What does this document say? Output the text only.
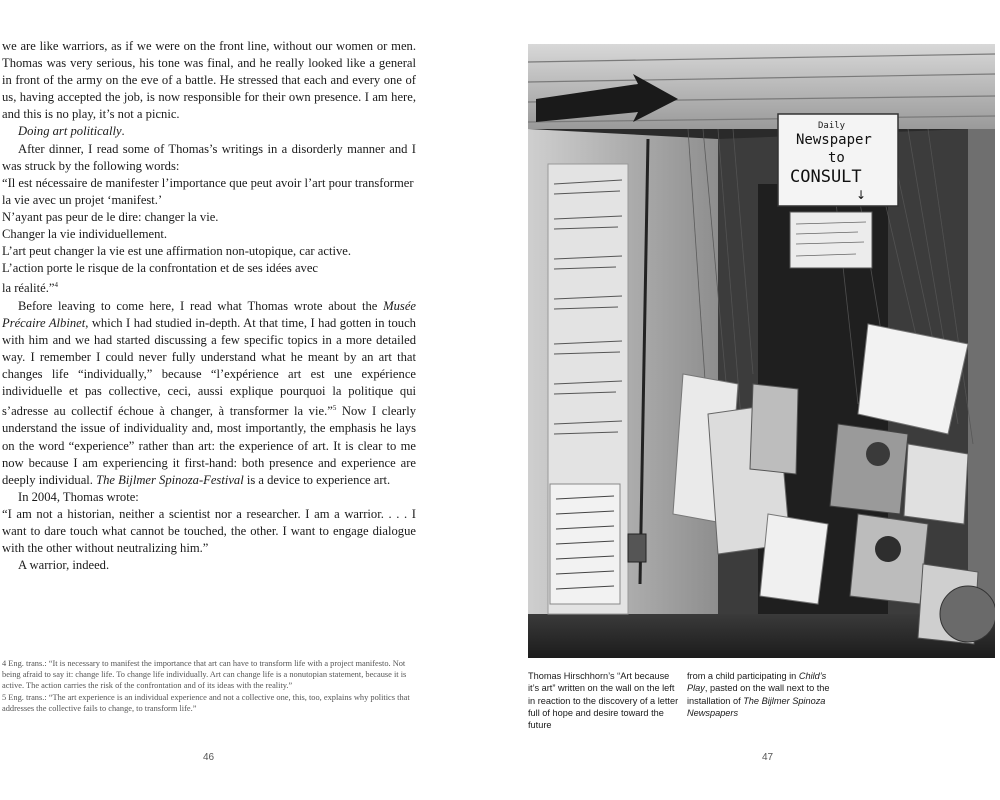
we are like warriors, as if we were on the front line, without our women or men. Thomas was very serious, his tone was final, and he really looked like a general in front of the army on the eve of a battle. He stressed that each and every one of us, having accepted the job, is now responsible for their own presence. I am here, and this is no play, it’s not a picnic.

Doing art politically.

After dinner, I read some of Thomas’s writings in a disorderly manner and I was struck by the following words:

“Il est nécessaire de manifester l’importance que peut avoir l’art pour transformer la vie avec un projet ‘manifest.’

N’ayant pas peur de le dire: changer la vie.

Changer la vie individuellement.

L’art peut changer la vie est une affirmation non-utopique, car active.

L’action porte le risque de la confrontation et de ses idées avec

la réalité.”$^4$

Before leaving to come here, I read what Thomas wrote about the Musée Précaire Albinet, which I had studied in-depth. At that time, I had gotten in touch with him and we had started discussing a few specific topics in a more detailed way. I remember I could never fully understand what he meant by an art that changes life “individually,” because “l’expérience art est une expérience individuelle et pas collective, ceci, aussi explique pourquoi la politique qui s’adresse au collectif échoue à changer, à transformer la vie.”$^5$ Now I clearly understand the issue of individuality and, most importantly, the emphasis he lays on the word “experience” rather than art: the experience of art. It is clear to me now because I am experiencing it first-hand: both presence and experience are deeply individual. The Bijlmer Spinoza-Festival is a device to experience art.

In 2004, Thomas wrote:

“I am not a historian, neither a scientist nor a researcher. I am a warrior. . . . I want to dare touch what cannot be touched, the other. I want to engage dialogue with the other without neutralizing him.”

A warrior, indeed.

4 Eng. trans.: “It is necessary to manifest the importance that art can have to transform life with a project manifesto. Not being afraid to say it: change life. To change life individually. Art can change life is a nonutopian statement, because it is active. The action carries the risk of the confrontation and of its ideas with the reality.”

5 Eng. trans.: “The art experience is an individual experience and not a collective one, this, too, explains why politics that addresses the collective fails to change, to transform life.”

46
Daily
Newspaper
to
CONSULT
↓
Thomas Hirschhorn’s “Art because it’s art” written on the wall on the left in reaction to the discovery of a letter full of hope and desire toward the future
from a child participating in Child’s Play, pasted on the wall next to the installation of The Bijlmer Spinoza Newspapers
47
